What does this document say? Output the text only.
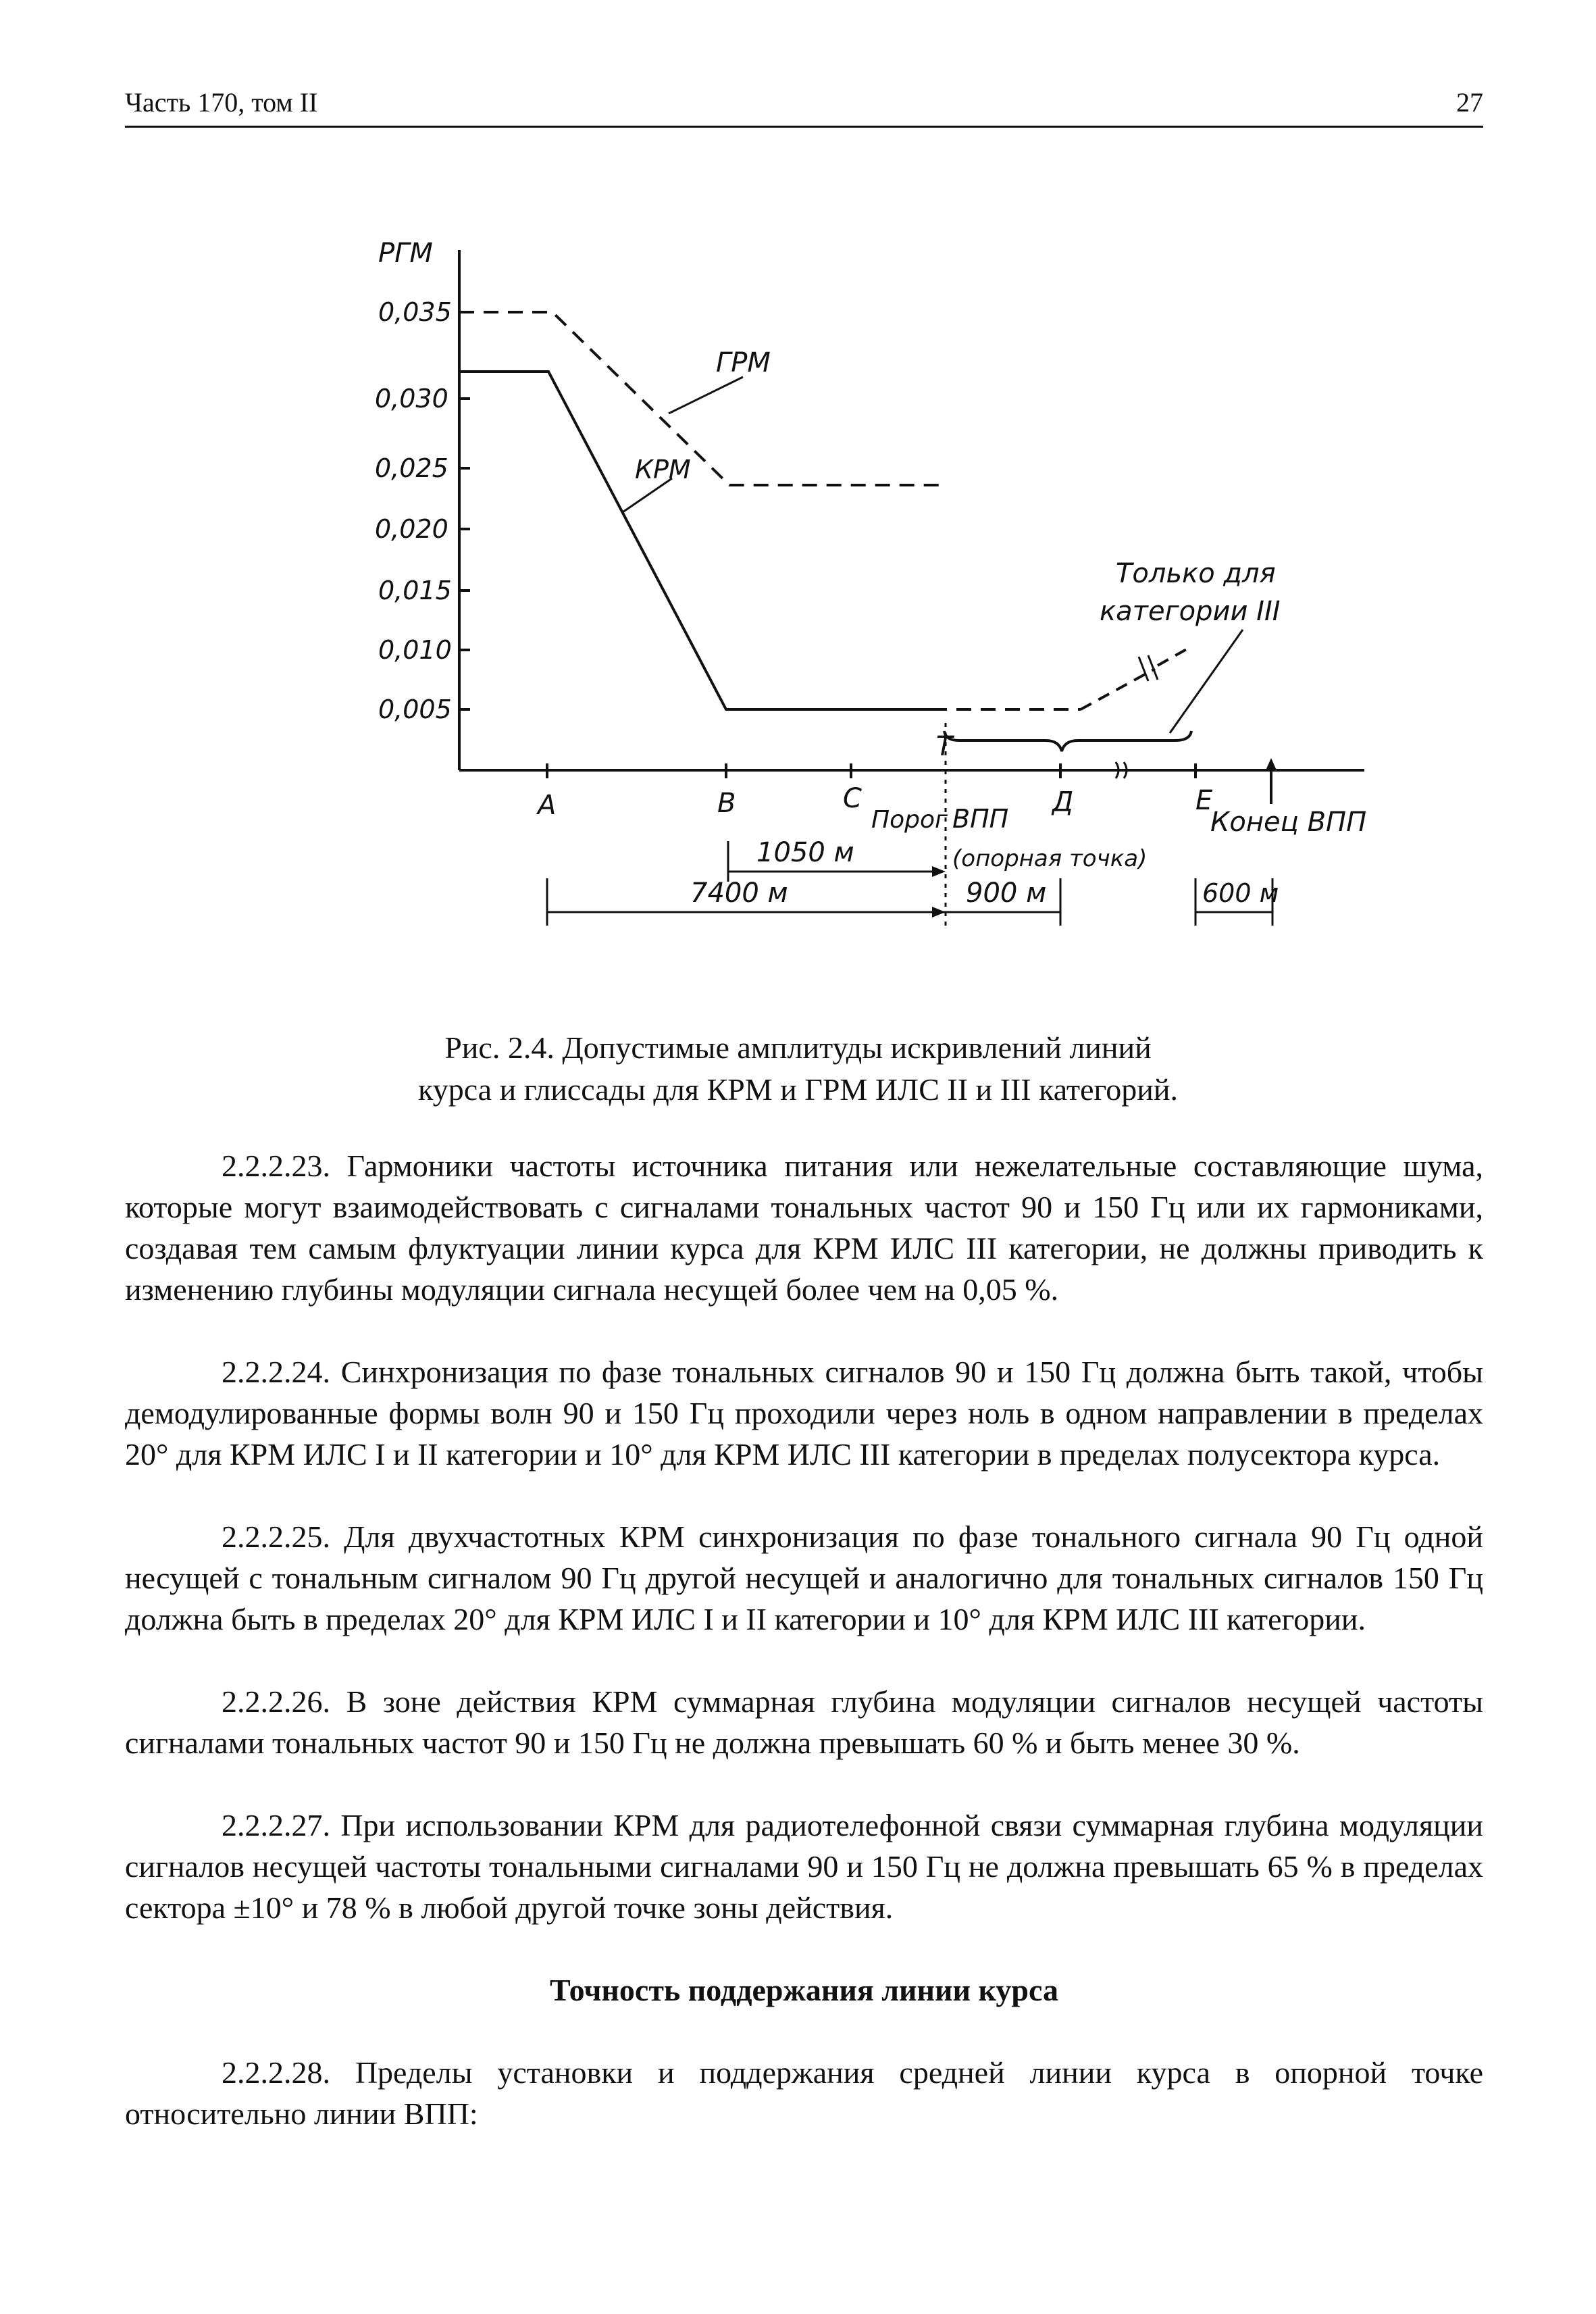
Часть 170, том II	27
РГМ
0,035
0,030
0,025
0,020
0,015
0,010
0,005
ГРМ
КРМ
Только для
категории III
А	В	С
Т
Д	Е
Порог ВПП
(опорная точка)
Конец ВПП
1050 м
7400 м	900 м	600 м
Рис. 2.4. Допустимые амплитуды искривлений линий
курса и глиссады для КРМ и ГРМ ИЛС II и III категорий.

2.2.2.23. Гармоники частоты источника питания или нежелательные составляющие шума, которые могут взаимодействовать с сигналами тональных частот 90 и 150 Гц или их гармониками, создавая тем самым флуктуации линии курса для КРМ ИЛС III категории, не должны приводить к изменению глубины модуляции сигнала несущей более чем на 0,05 %.

2.2.2.24. Синхронизация по фазе тональных сигналов 90 и 150 Гц должна быть такой, чтобы демодулированные формы волн 90 и 150 Гц проходили через ноль в одном направлении в пределах 20° для КРМ ИЛС I и II категории и 10° для КРМ ИЛС III категории в пределах полусектора курса.

2.2.2.25. Для двухчастотных КРМ синхронизация по фазе тонального сигнала 90 Гц одной несущей с тональным сигналом 90 Гц другой несущей и аналогично для тональных сигналов 150 Гц должна быть в пределах 20° для КРМ ИЛС I и II категории и 10° для КРМ ИЛС III категории.

2.2.2.26. В зоне действия КРМ суммарная глубина модуляции сигналов несущей частоты сигналами тональных частот 90 и 150 Гц не должна превышать 60 % и быть менее 30 %.

2.2.2.27. При использовании КРМ для радиотелефонной связи суммарная глубина модуляции сигналов несущей частоты тональными сигналами 90 и 150 Гц не должна превышать 65 % в пределах сектора ±10° и 78 % в любой другой точке зоны действия.

Точность поддержания линии курса

2.2.2.28. Пределы установки и поддержания средней линии курса в опорной точке относительно линии ВПП:
